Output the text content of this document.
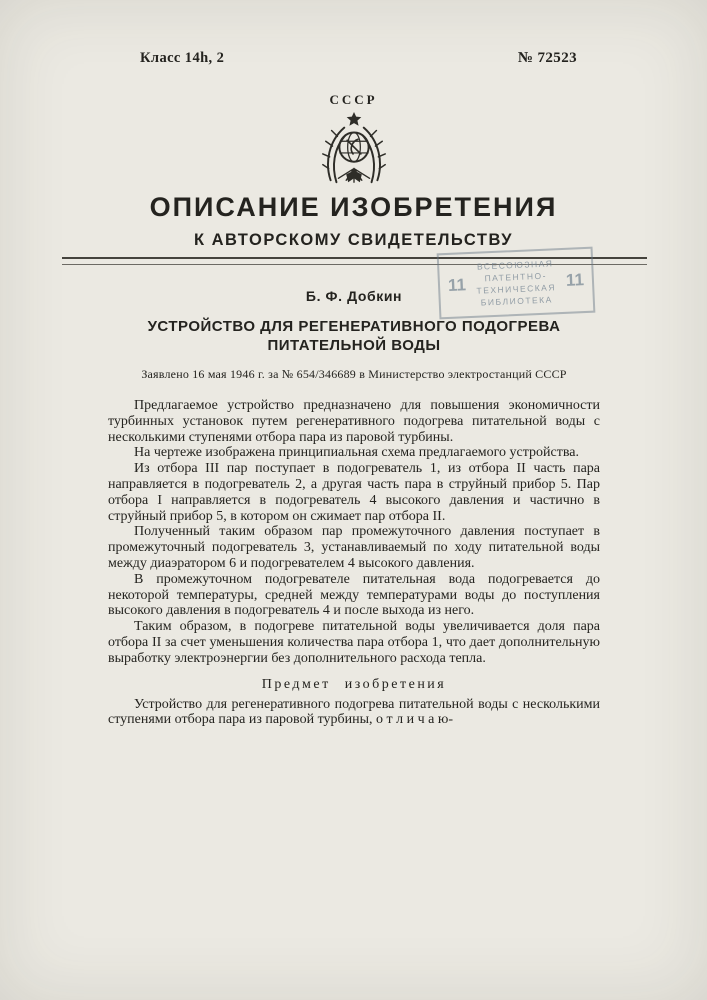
Класс 14h, 2	№ 72523
СССР
ОПИСАНИЕ ИЗОБРЕТЕНИЯ
К АВТОРСКОМУ СВИДЕТЕЛЬСТВУ
11
ВСЕСОЮЗНАЯ
ПАТЕНТНО-
ТЕХНИЧЕСКАЯ
БИБЛИОТЕКА
11
Б. Ф. Добкин
УСТРОЙСТВО ДЛЯ РЕГЕНЕРАТИВНОГО ПОДОГРЕВА
ПИТАТЕЛЬНОЙ ВОДЫ
Заявлено 16 мая 1946 г. за № 654/346689 в Министерство электростанций СССР

Предлагаемое устройство предназначено для повышения экономичности турбинных установок путем регенеративного подогрева питательной воды с несколькими ступенями отбора пара из паровой турбины.

На чертеже изображена принципиальная схема предлагаемого устройства.

Из отбора III пар поступает в подогреватель 1, из отбора II часть пара направляется в подогреватель 2, а другая часть пара в струйный прибор 5. Пар отбора I направляется в подогреватель 4 высокого давления и частично в струйный прибор 5, в котором он сжимает пар отбора II.

Полученный таким образом пар промежуточного давления поступает в промежуточный подогреватель 3, устанавливаемый по ходу питательной воды между диаэратором 6 и подогревателем 4 высокого давления.

В промежуточном подогревателе питательная вода подогревается до некоторой температуры, средней между температурами воды до поступления высокого давления в подогреватель 4 и после выхода из него.

Таким образом, в подогреве питательной воды увеличивается доля пара отбора II за счет уменьшения количества пара отбора 1, что дает дополнительную выработку электроэнергии без дополнительного расхода тепла.

Предмет изобретения

Устройство для регенеративного подогрева питательной воды с несколькими ступенями отбора пара из паровой турбины, о т л и ч а ю-
